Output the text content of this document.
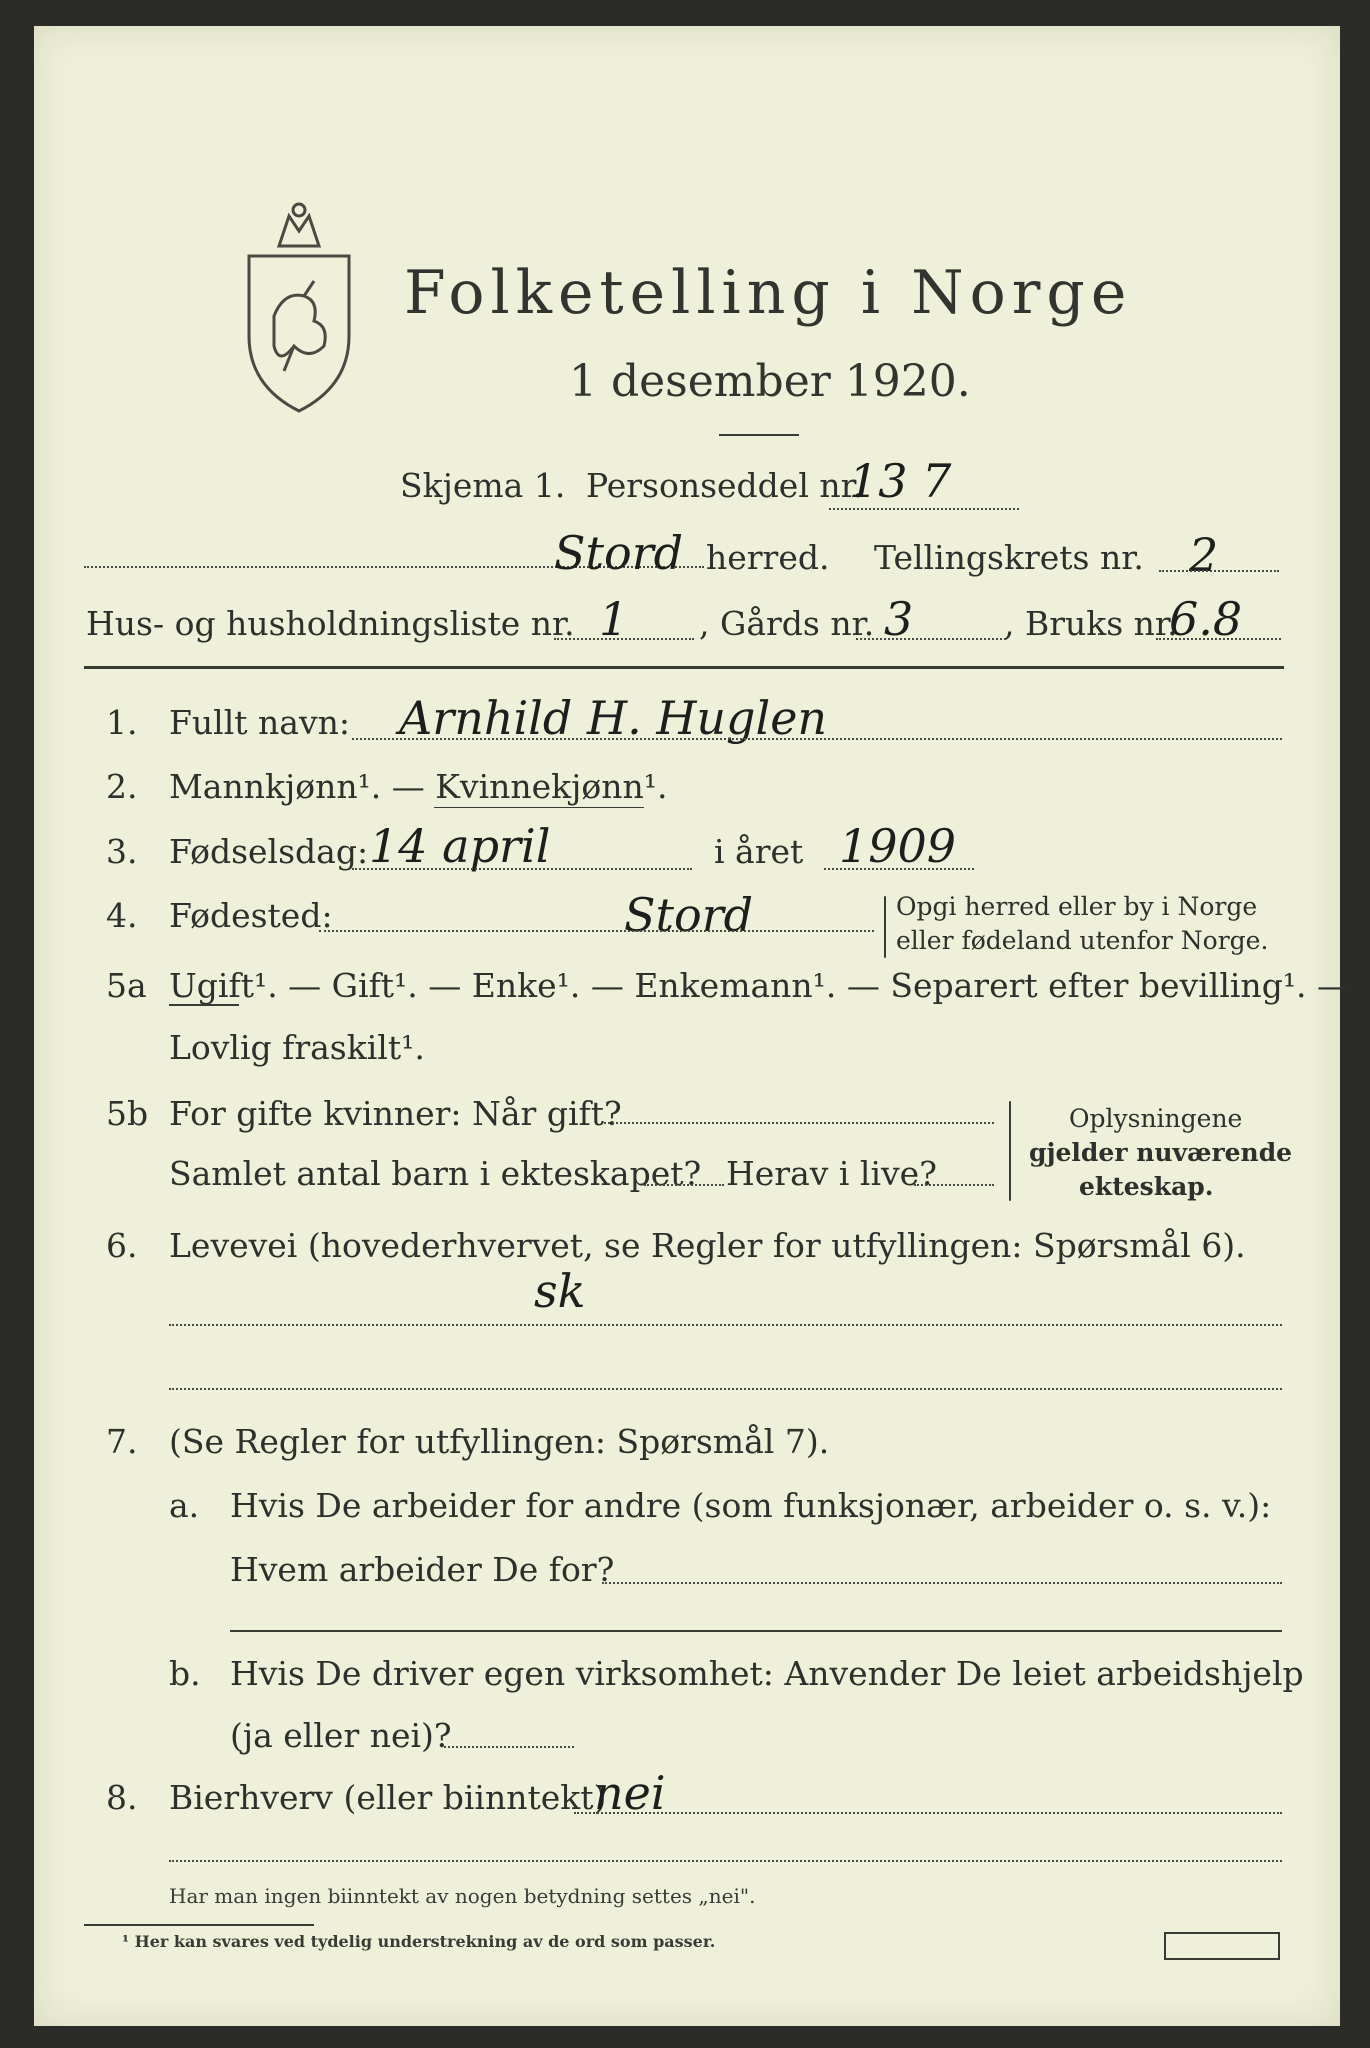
Folketelling i Norge
1 desember 1920.
Skjema 1. Personseddel nr.
13 7
Stord herred. Tellingskrets nr. 2
Hus- og husholdningsliste nr. 1 , Gårds nr. 3	, Bruks nr.
6.8
1. Fullt navn: Arnhild H. Huglen
2. Mannkjønn¹. — Kvinnekjønn¹.
3. Fødselsdag: 14 april	i året 1909
4. Fødested:	Stord	Opgi herred eller by i Norge
eller fødeland utenfor Norge.
5a Ugift¹. — Gift¹. — Enke¹. — Enkemann¹. — Separert efter bevilling¹. —
Lovlig fraskilt¹.
5b For gifte kvinner: Når gift?
Samlet antal barn i ekteskapet? Herav i live?
Oplysningene
gjelder nuværende
ekteskap.
6. Levevei (hovederhvervet, se Regler for utfyllingen: Spørsmål 6).
sk
7. (Se Regler for utfyllingen: Spørsmål 7).
a. Hvis De arbeider for andre (som funksjonær, arbeider o. s. v.):
Hvem arbeider De for?
b. Hvis De driver egen virksomhet: Anvender De leiet arbeidshjelp
(ja eller nei)?
8. Bierhverv (eller biinntekt)
nei
Har man ingen biinntekt av nogen betydning settes „nei".
¹ Her kan svares ved tydelig understrekning av de ord som passer.
